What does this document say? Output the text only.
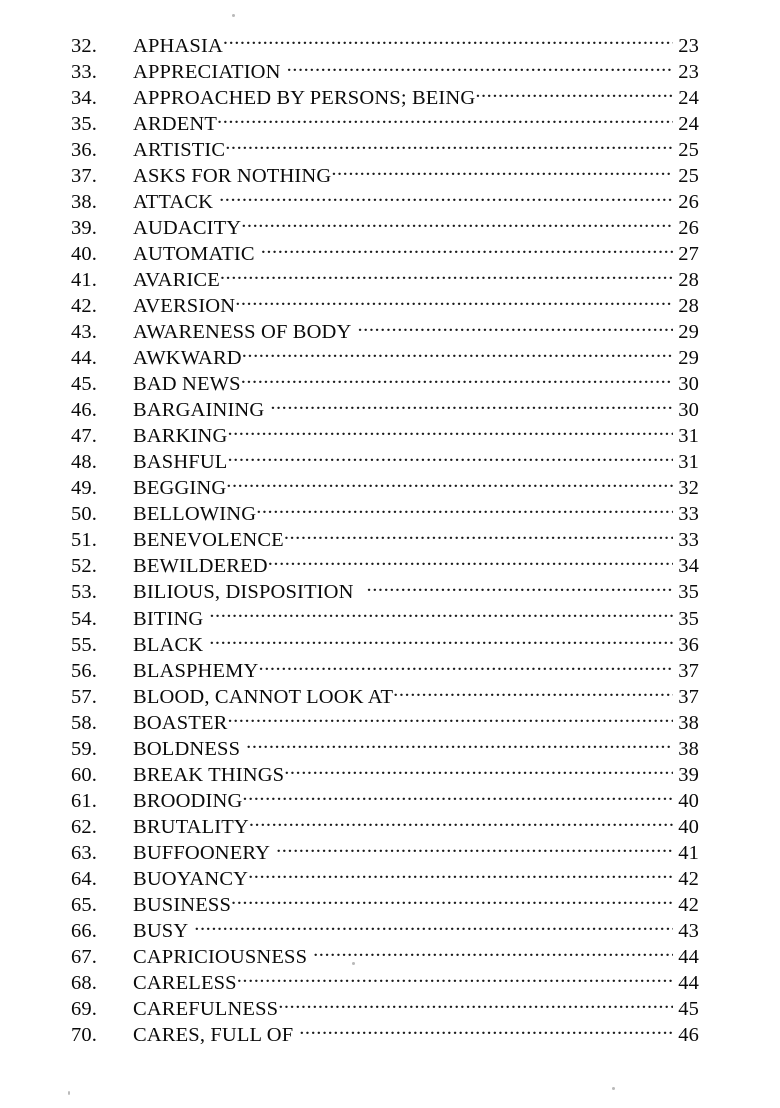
32.	APHASIA .....	23
33.	APPRECIATION .....	23
34.	APPROACHED BY PERSONS; BEING .....	24
35.	ARDENT .....	24
36.	ARTISTIC .....	25
37.	ASKS FOR NOTHING .....	25
38.	ATTACK .....	26
39.	AUDACITY .....	26
40.	AUTOMATIC .....	27
41.	AVARICE .....	28
42.	AVERSION .....	28
43.	AWARENESS OF BODY .....	29
44.	AWKWARD .....	29
45.	BAD NEWS .....	30
46.	BARGAINING .....	30
47.	BARKING .....	31
48.	BASHFUL .....	31
49.	BEGGING .....	32
50.	BELLOWING .....	33
51.	BENEVOLENCE .....	33
52.	BEWILDERED .....	34
53.	BILIOUS, DISPOSITION .....	35
54.	BITING .....	35
55.	BLACK .....	36
56.	BLASPHEMY .....	37
57.	BLOOD, CANNOT LOOK AT .....	37
58.	BOASTER .....	38
59.	BOLDNESS .....	38
60.	BREAK THINGS .....	39
61.	BROODING .....	40
62.	BRUTALITY .....	40
63.	BUFFOONERY .....	41
64.	BUOYANCY .....	42
65.	BUSINESS .....	42
66.	BUSY .....	43
67.	CAPRICIOUSNESS .....	44
68.	CARELESS .....	44
69.	CAREFULNESS .....	45
70.	CARES, FULL OF .....	46
